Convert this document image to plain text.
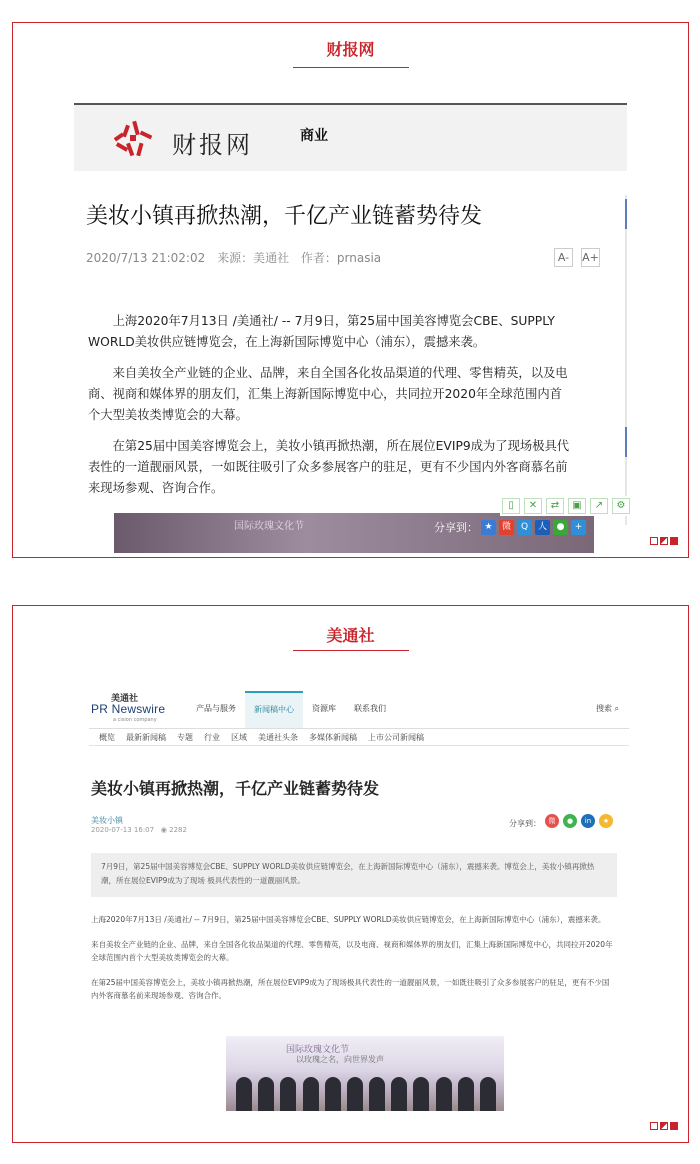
财报网
财报网	商业
美妆小镇再掀热潮，千亿产业链蓄势待发
2020/7/13 21:02:02 来源：美通社 作者：prnasia	A-	A+

上海2020年7月13日 /美通社/ -- 7月9日，第25届中国美容博览会CBE、SUPPLY WORLD美妆供应链博览会，在上海新国际博览中心（浦东），震撼来袭。

来自美妆全产业链的企业、品牌，来自全国各化妆品渠道的代理、零售精英，以及电商、视商和媒体界的朋友们，汇集上海新国际博览中心，共同拉开2020年全球范围内首个大型美妆类博览会的大幕。

在第25届中国美容博览会上，美妆小镇再掀热潮，所在展位EVIP9成为了现场极具代表性的一道靓丽风景，一如既往吸引了众多参展客户的驻足，更有不少国内外客商慕名前来现场参观、咨询合作。

国际玫瑰文化节
▯	✕	⇄	▣	↗	⚙
分享到： ★	微	Q	人	●	+
美通社
美通社
PR Newswire
a cision company
产品与服务	新闻稿中心	资源库	联系我们	搜索 ⌕
概览 最新新闻稿 专题 行业 区域 美通社头条 多媒体新闻稿 上市公司新闻稿
美妆小镇再掀热潮，千亿产业链蓄势待发
美妆小镇
2020-07-13 16:07 ◉ 2282
分享到：	微	●	in	★
7月9日，第25届中国美容博览会CBE、SUPPLY WORLD美妆供应链博览会，在上海新国际博览中心（浦东），震撼来袭。博览会上，美妆小镇再掀热潮，所在展位EVIP9成为了现场 极具代表性的一道靓丽风景。

上海2020年7月13日 /美通社/ -- 7月9日，第25届中国美容博览会CBE、SUPPLY WORLD美妆供应链博览会，在上海新国际博览中心（浦东），震撼来袭。

来自美妆全产业链的企业、品牌，来自全国各化妆品渠道的代理、零售精英，以及电商、视商和媒体界的朋友们，汇集上海新国际博览中心，共同拉开2020年全球范围内首个大型美妆类博览会的大幕。

在第25届中国美容博览会上，美妆小镇再掀热潮，所在展位EVIP9成为了现场极具代表性的一道靓丽风景，一如既往吸引了众多参展客户的驻足，更有不少国内外客商慕名前来现场参观、咨询合作。

国际玫瑰文化节
以玫瑰之名，向世界发声
